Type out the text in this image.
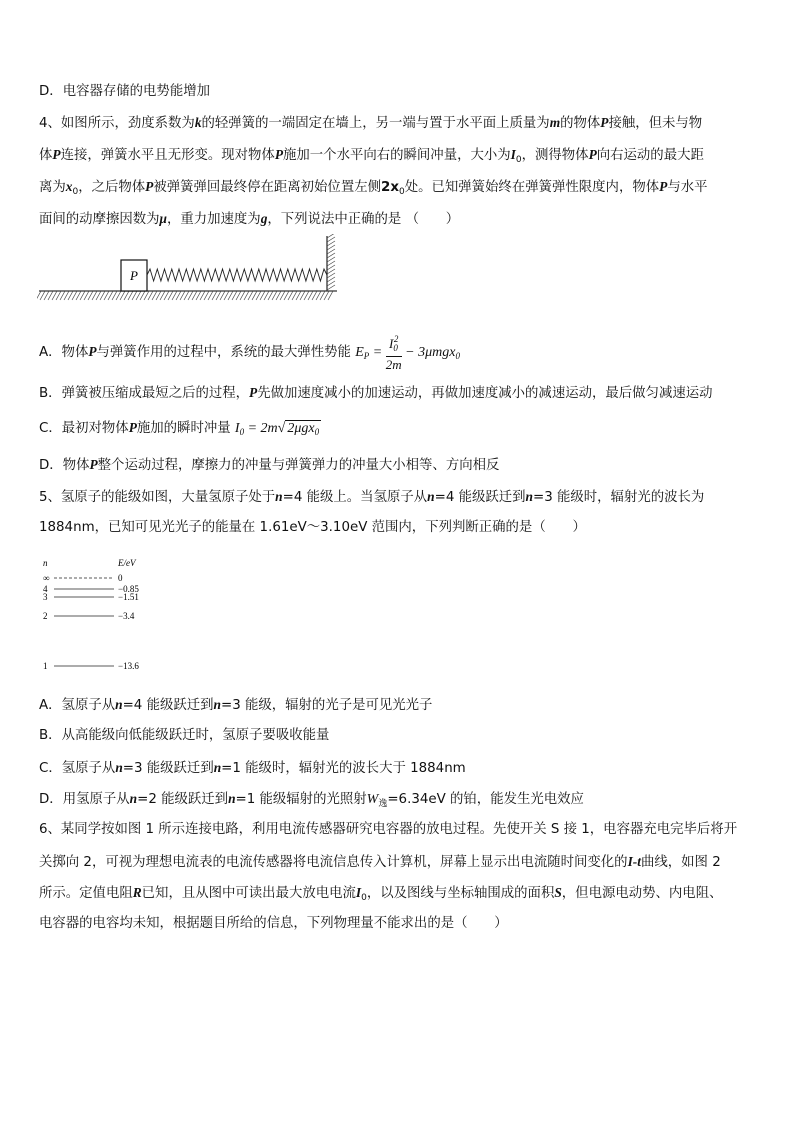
D．电容器存储的电势能增加
4、如图所示，劲度系数为k的轻弹簧的一端固定在墙上，另一端与置于水平面上质量为m的物体P接触，但未与物
体P连接，弹簧水平且无形变。现对物体P施加一个水平向右的瞬间冲量，大小为$I_0$，测得物体P向右运动的最大距
离为$x_0$，之后物体P被弹簧弹回最终停在距离初始位置左侧$2x_0$处。已知弹簧始终在弹簧弹性限度内，物体P与水平
面间的动摩擦因数为μ，重力加速度为g，下列说法中正确的是 （　　）
P
A．物体P与弹簧作用的过程中，系统的最大弹性势能 $E_P = \frac{I_0^2}{2m} - 3\mu mgx_0$
B．弹簧被压缩成最短之后的过程，P先做加速度减小的加速运动，再做加速度减小的减速运动，最后做匀减速运动
C．最初对物体P施加的瞬时冲量 $I_0 = 2m√$ 2μgx$_0$
D．物体P整个运动过程，摩擦力的冲量与弹簧弹力的冲量大小相等、方向相反
5、氢原子的能级如图，大量氢原子处于n=4 能级上。当氢原子从n=4 能级跃迁到n=3 能级时，辐射光的波长为
1884nm，已知可见光光子的能量在 1.61eV～3.10eV 范围内，下列判断正确的是（　　）
n	E/eV
∞	0
4	−0.85
3	−1.51
2	−3.4
1	−13.6
A．氢原子从n=4 能级跃迁到n=3 能级，辐射的光子是可见光光子
B．从高能级向低能级跃迁时，氢原子要吸收能量
C．氢原子从n=3 能级跃迁到n=1 能级时，辐射光的波长大于 1884nm
D．用氢原子从n=2 能级跃迁到n=1 能级辐射的光照射$W_逸=6.34eV$ 的铂，能发生光电效应
6、某同学按如图 1 所示连接电路，利用电流传感器研究电容器的放电过程。先使开关 S 接 1，电容器充电完毕后将开
关掷向 2，可视为理想电流表的电流传感器将电流信息传入计算机，屏幕上显示出电流随时间变化的I-t曲线，如图 2
所示。定值电阻R已知，且从图中可读出最大放电电流$I_0$，以及图线与坐标轴围成的面积S，但电源电动势、内电阻、
电容器的电容均未知，根据题目所给的信息，下列物理量不能求出的是（　　）
